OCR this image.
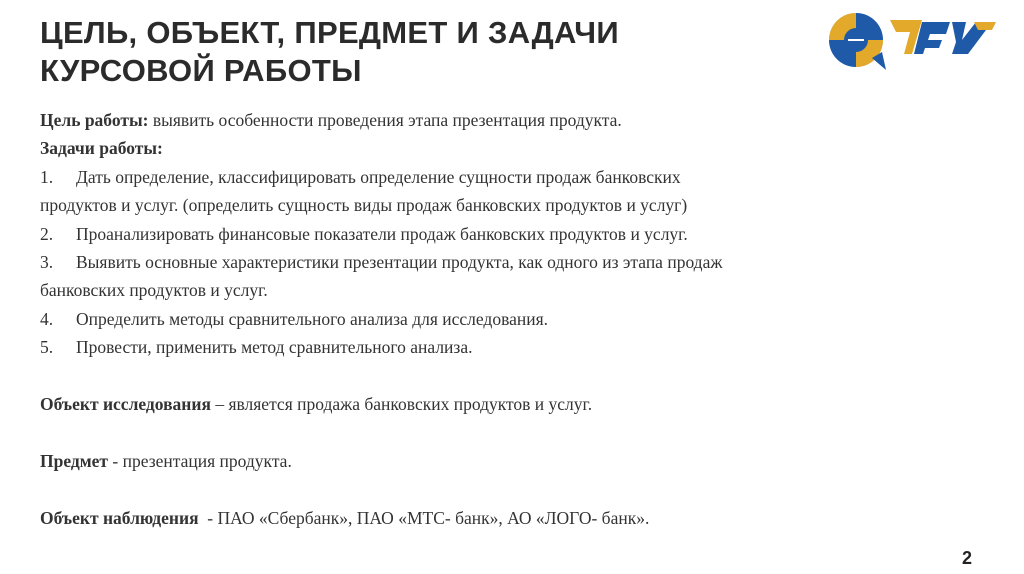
ЦЕЛЬ, ОБЪЕКТ, ПРЕДМЕТ И ЗАДАЧИ
КУРСОВОЙ РАБОТЫ

Цель работы: выявить особенности проведения этапа презентация продукта.

Задачи работы:

1. Дать определение, классифицировать определение сущности продаж банковских

продуктов и услуг. (определить сущность виды продаж банковских продуктов и услуг)

2. Проанализировать финансовые показатели продаж банковских продуктов и услуг.

3. Выявить основные характеристики презентации продукта, как одного из этапа продаж

банковских продуктов и услуг.

4. Определить методы сравнительного анализа для исследования.

5. Провести, применить метод сравнительного анализа.

Объект исследования – является продажа банковских продуктов и услуг.

Предмет - презентация продукта.

Объект наблюдения  - ПАО «Сбербанк», ПАО «МТС- банк», АО «ЛОГО- банк».

2
